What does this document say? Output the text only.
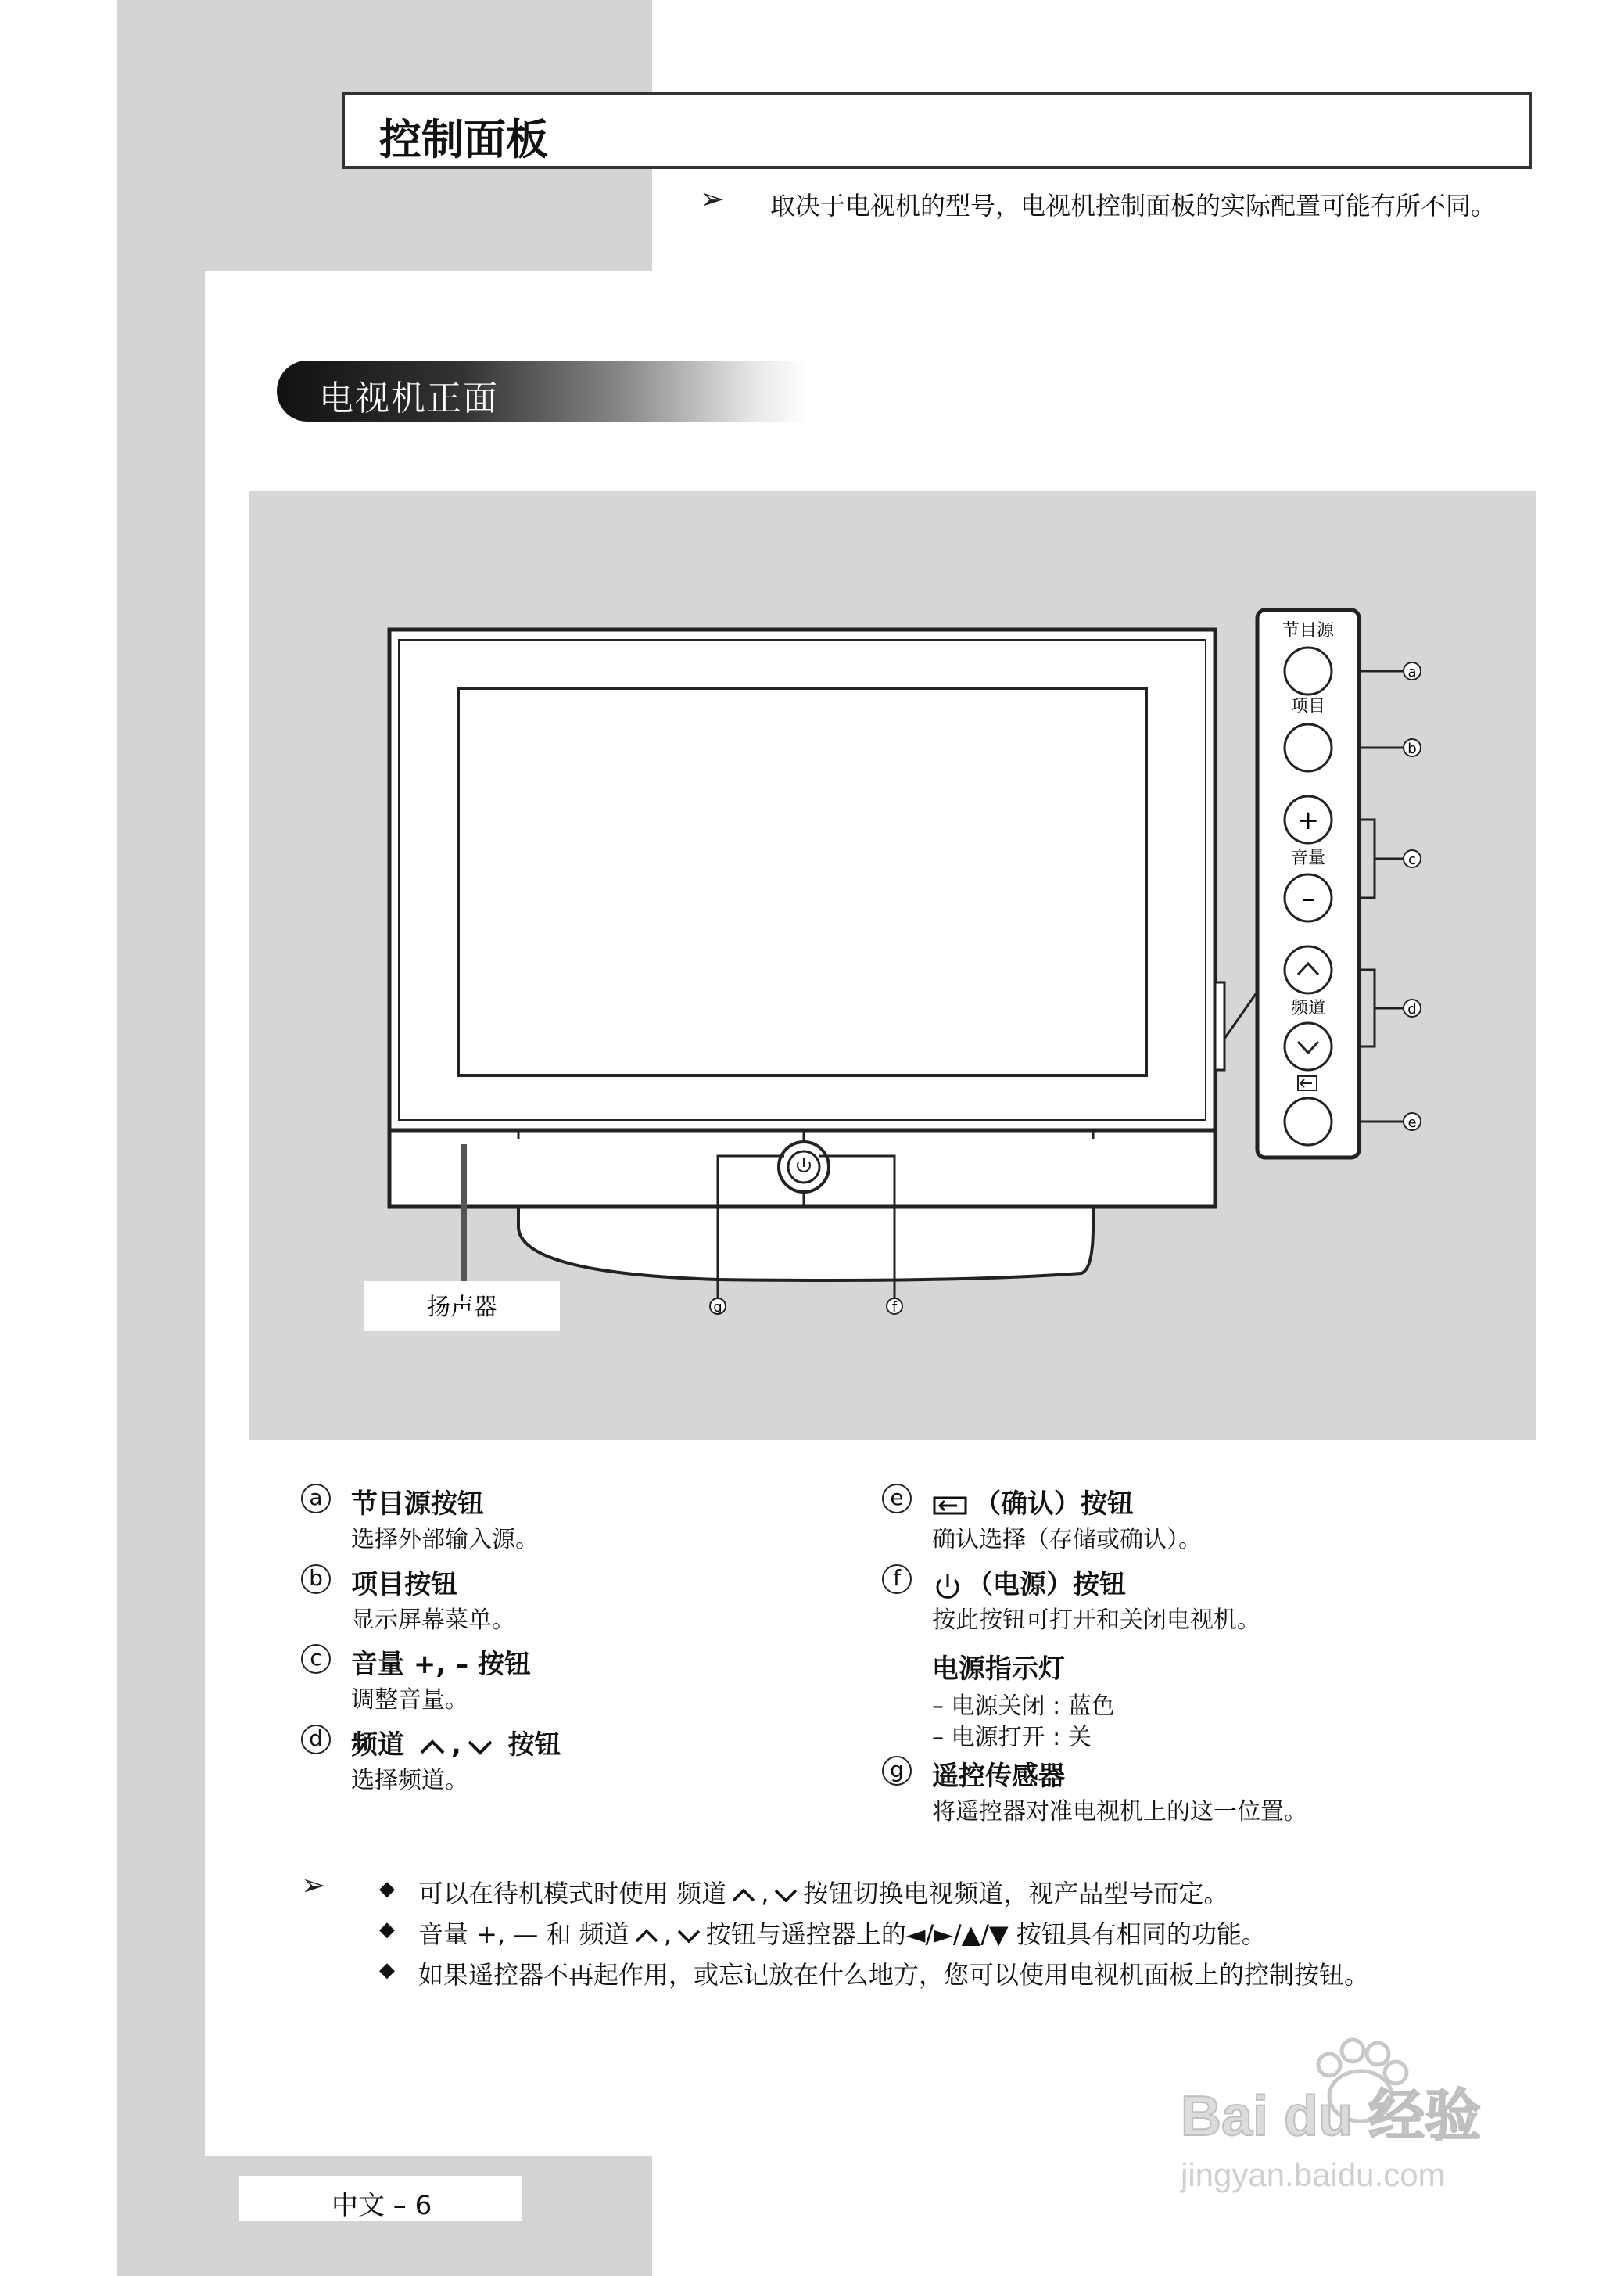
控制面板
➢ 取决于电视机的型号，电视机控制面板的实际配置可能有所不同。
电视机正面
g	f
节目源
项目
+
音量
–
频道
a
b
c
d
e
扬声器
a	节目源按钮
选择外部输入源。
b 项目按钮
显示屏幕菜单。
c	音量 +, – 按钮
调整音量。
d 频道 , 按钮
选择频道。
e	（确认）按钮
确认选择（存储或确认）。
f	（电源）按钮
按此按钮可打开和关闭电视机。
电源指示灯
– 电源关闭 : 蓝色
– 电源打开 : 关
g 遥控传感器
将遥控器对准电视机上的这一位置。
➢	◆ 可以在待机模式时使用 频道 , 按钮切换电视频道，视产品型号而定。
◆ 音量 +, — 和 频道 , 按钮与遥控器上的◄/►/▲/▼ 按钮具有相同的功能。
◆ 如果遥控器不再起作用，或忘记放在什么地方，您可以使用电视机面板上的控制按钮。
中文 – 6
Bai du 经验
jingyan.baidu.com
